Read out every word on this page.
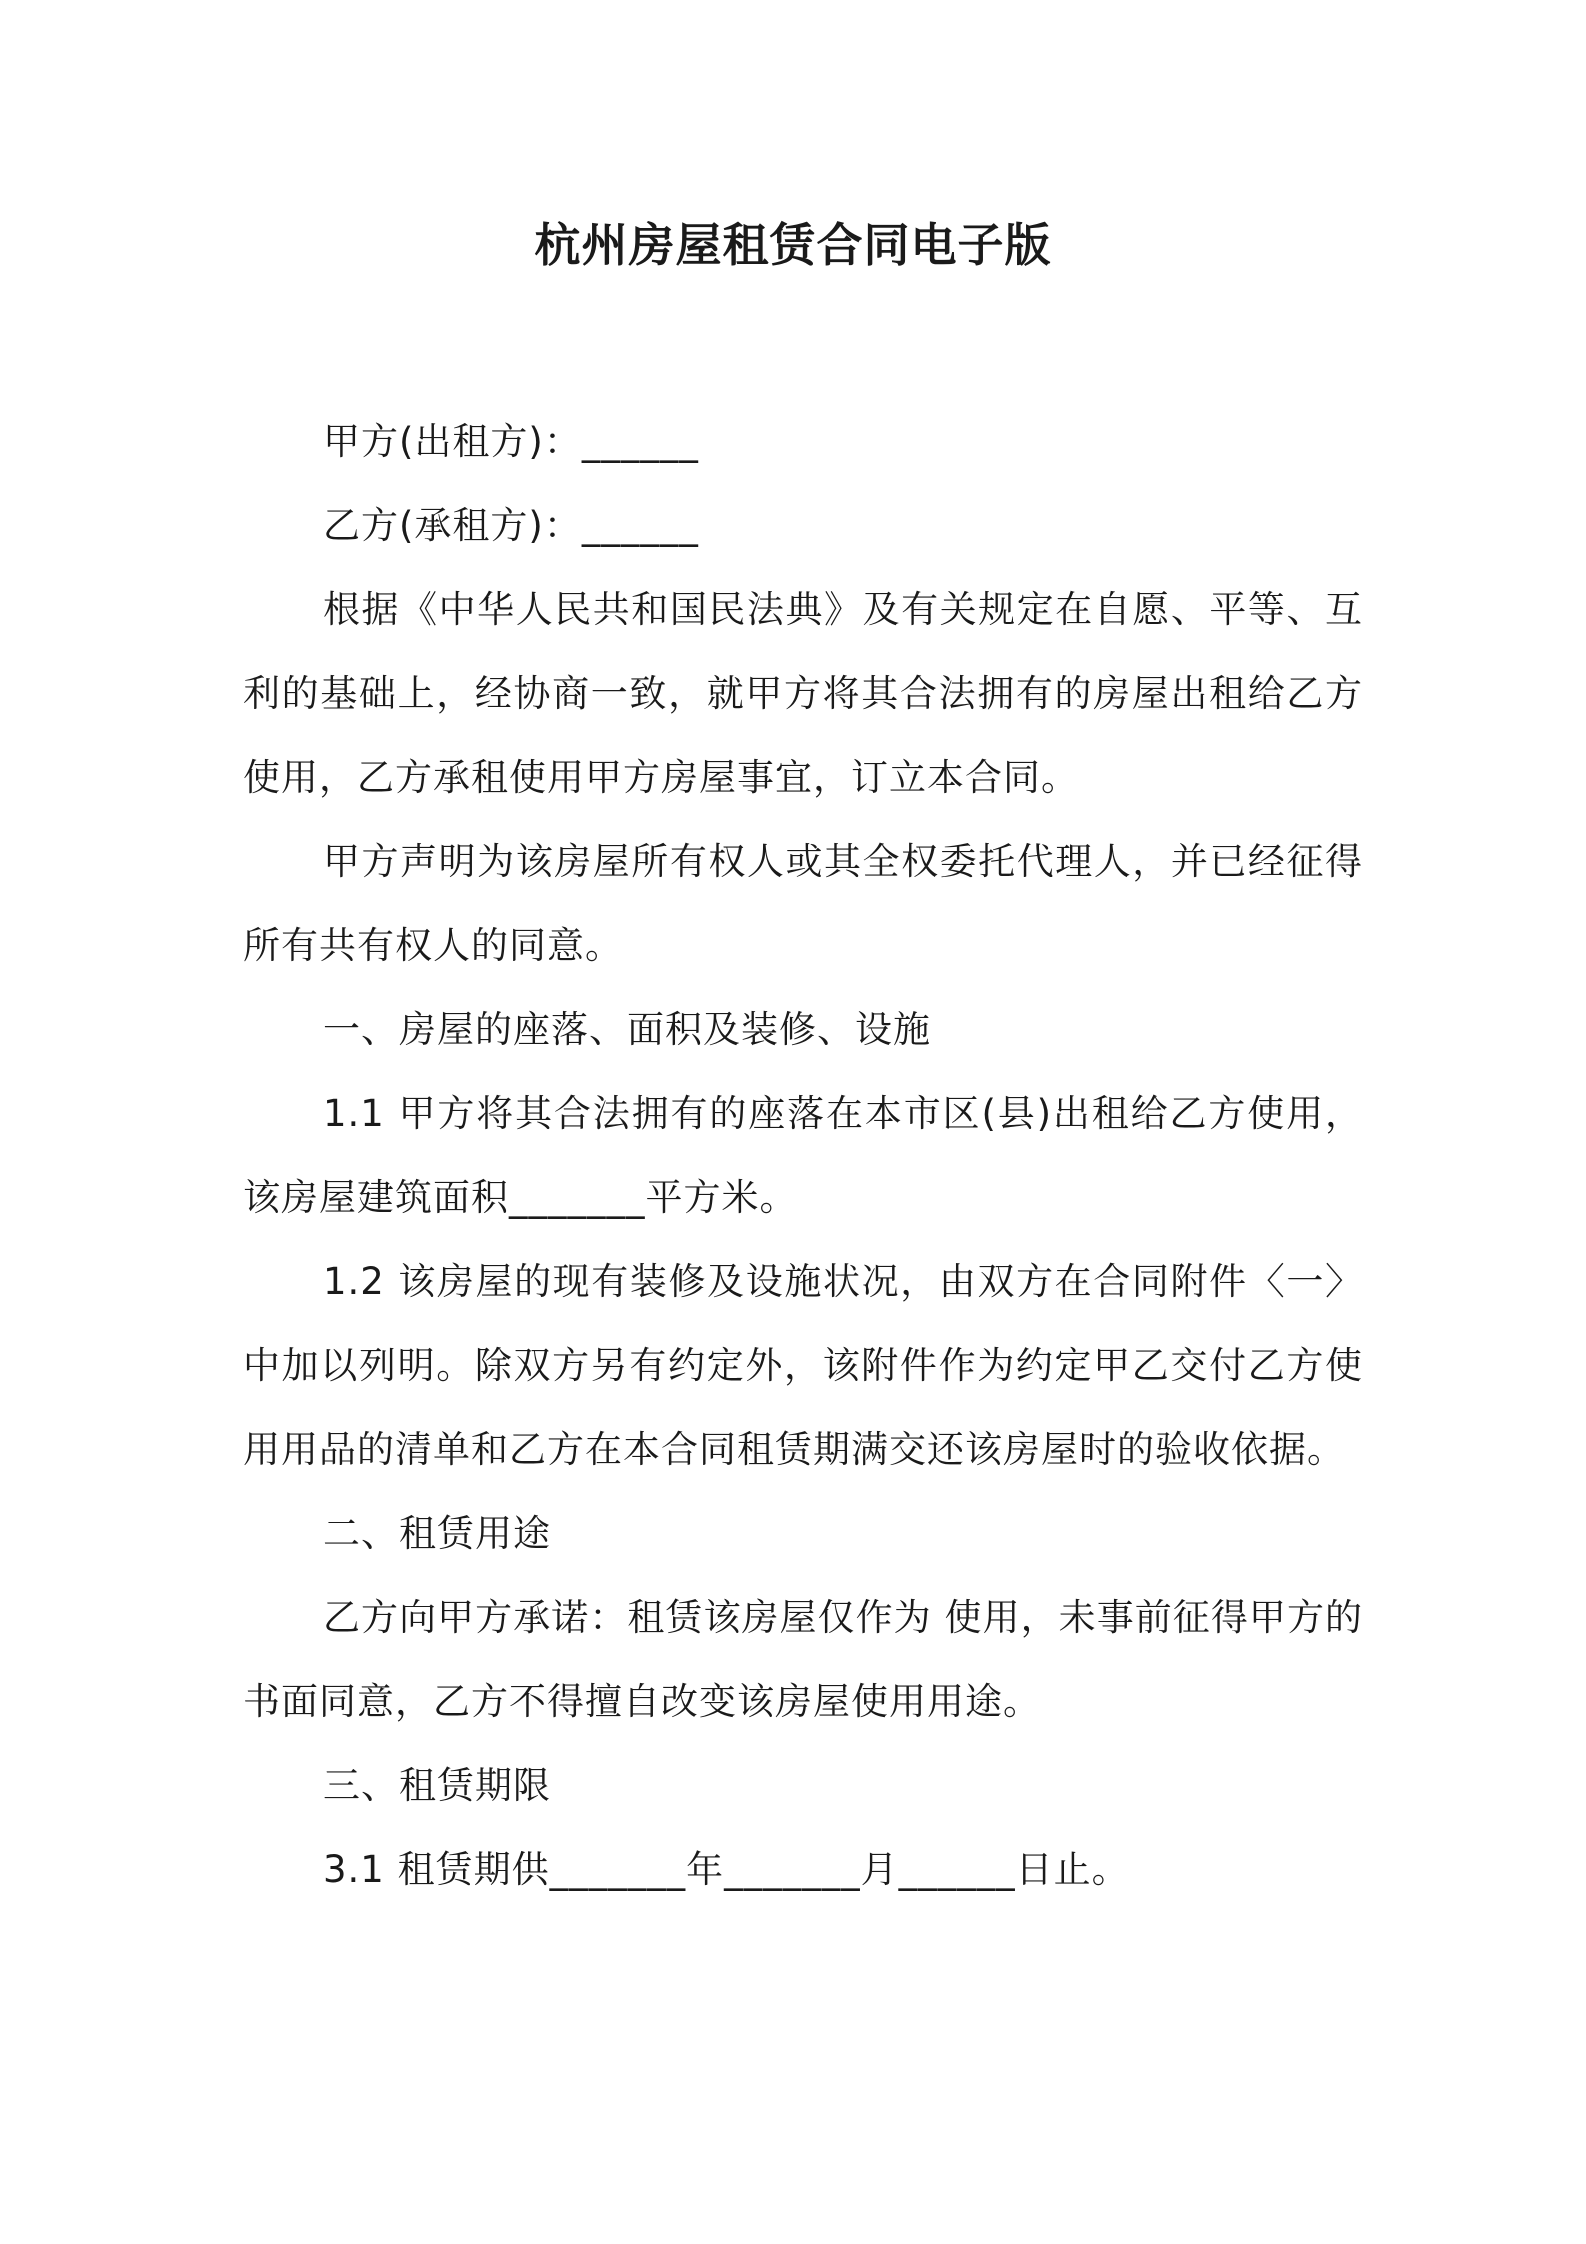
杭州房屋租赁合同电子版

甲方(出租方)：______

乙方(承租方)：______

根据《中华人民共和国民法典》及有关规定在自愿、平等、互利的基础上，经协商一致，就甲方将其合法拥有的房屋出租给乙方使用，乙方承租使用甲方房屋事宜，订立本合同。

甲方声明为该房屋所有权人或其全权委托代理人，并已经征得所有共有权人的同意。

一、房屋的座落、面积及装修、设施

1.1 甲方将其合法拥有的座落在本市区(县)出租给乙方使用，该房屋建筑面积_______平方米。

1.2 该房屋的现有装修及设施状况，由双方在合同附件〈一〉中加以列明。除双方另有约定外，该附件作为约定甲乙交付乙方使用用品的清单和乙方在本合同租赁期满交还该房屋时的验收依据。

二、租赁用途

乙方向甲方承诺：租赁该房屋仅作为 使用，未事前征得甲方的书面同意，乙方不得擅自改变该房屋使用用途。

三、租赁期限

3.1 租赁期供_______年_______月______日止。
